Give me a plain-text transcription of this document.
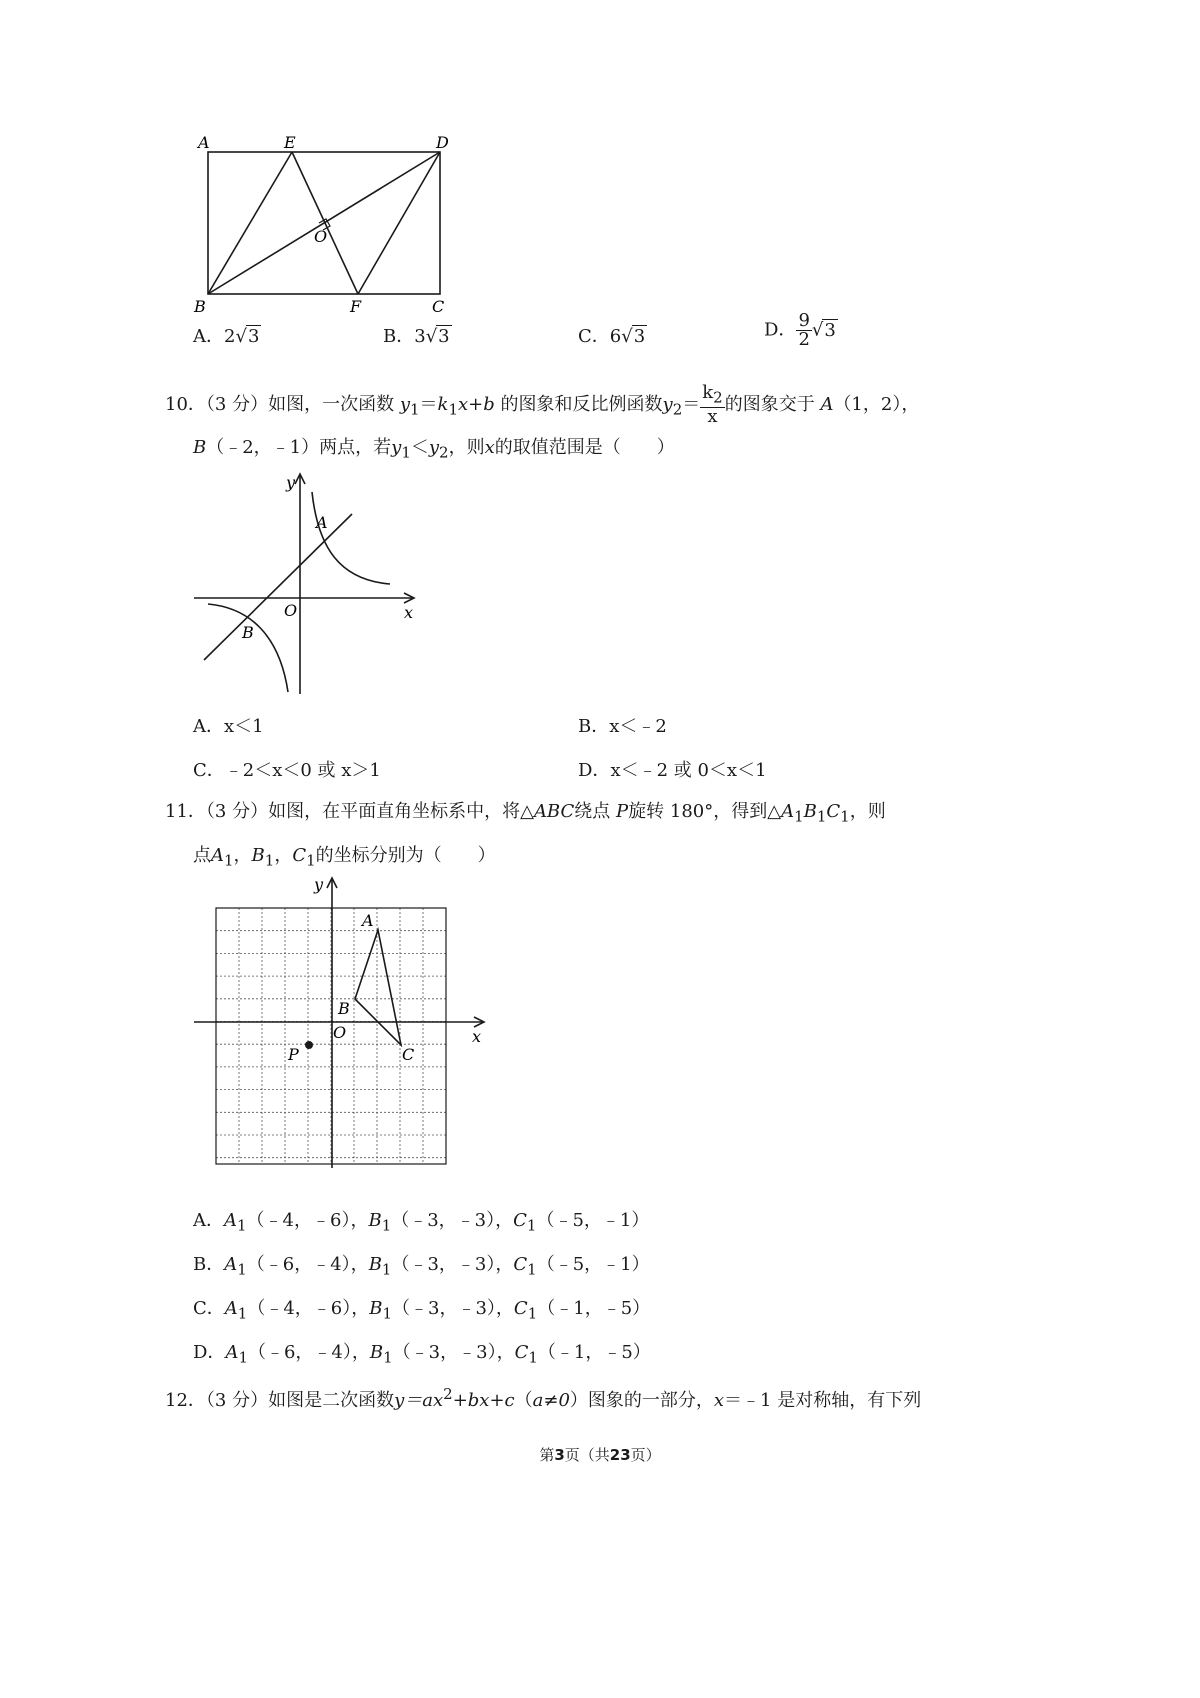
A	E	D
O
B	F	C
A．2√3	B．3√3	C．6√3	D． $\frac{9}{2} √3$
10．（3 分）如图，一次函数 $y_1=k_1x+b$ 的图象和反比例函数$y_2= \frac{k_2}{x}$ 的图象交于 A（1，2），
B（﹣2，﹣1）两点，若$y_1<y_2$，则x的取值范围是（　　）
y
x
O
A
B
A．x＜1	B．x＜﹣2
C．﹣2＜x＜0 或 x＞1	D．x＜﹣2 或 0＜x＜1
11．（3 分）如图，在平面直角坐标系中，将△ABC绕点 P旋转 180°，得到$\triangle A_1B_1C_1$，则
点$A_1$，$B_1$，$C_1$的坐标分别为（　　）
y
x
O
A
B
C
P
A．$A_1(﹣4$，﹣6），$B_1(﹣3$，﹣3），$C_1(﹣5$，﹣1）
B．$A_1(﹣6$，﹣4），$B_1(﹣3$，﹣3），$C_1(﹣5$，﹣1）
C．$A_1(﹣4$，﹣6），$B_1(﹣3$，﹣3），$C_1(﹣1$，﹣5）
D．$A_1(﹣6$，﹣4），$B_1(﹣3$，﹣3），$C_1(﹣1$，﹣5）
12．（3 分）如图是二次函数$y=ax^2+bx+c(a\ne 0)$图象的一部分，x＝﹣1 是对称轴，有下列
第3页（共23页）
